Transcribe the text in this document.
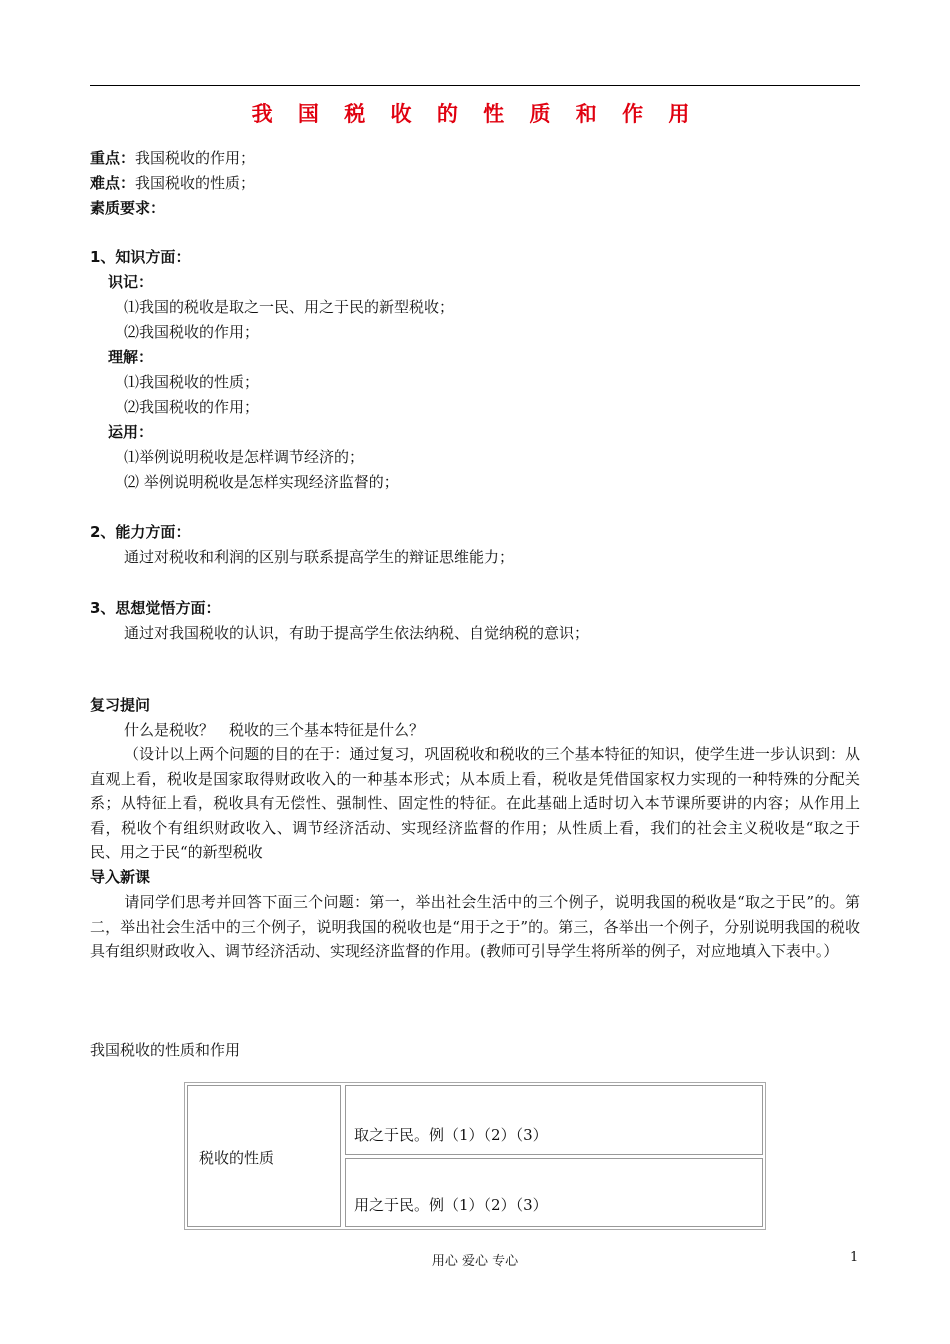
我 国 税 收 的 性 质 和 作 用
重点：我国税收的作用；
难点：我国税收的性质；
素质要求：
1、知识方面：
识记：
⑴我国的税收是取之一民、用之于民的新型税收；
⑵我国税收的作用；
理解：
⑴我国税收的性质；
⑵我国税收的作用；
运用：
⑴举例说明税收是怎样调节经济的；
⑵ 举例说明税收是怎样实现经济监督的；
2、能力方面：
通过对税收和利润的区别与联系提高学生的辩证思维能力；
3、思想觉悟方面：
通过对我国税收的认识，有助于提高学生依法纳税、自觉纳税的意识；
复习提问
什么是税收？　税收的三个基本特征是什么？
（设计以上两个问题的目的在于：通过复习，巩固税收和税收的三个基本特征的知识，使学生进一步认识到：从直观上看，税收是国家取得财政收入的一种基本形式；从本质上看，税收是凭借国家权力实现的一种特殊的分配关系；从特征上看，税收具有无偿性、强制性、固定性的特征。在此基础上适时切入本节课所要讲的内容；从作用上看，税收个有组织财政收入、调节经济活动、实现经济监督的作用；从性质上看，我们的社会主义税收是“取之于民、用之于民“的新型税收
导入新课
请同学们思考并回答下面三个问题：第一，举出社会生活中的三个例子，说明我国的税收是“取之于民”的。第二，举出社会生活中的三个例子，说明我国的税收也是“用于之于”的。第三，各举出一个例子，分别说明我国的税收具有组织财政收入、调节经济活动、实现经济监督的作用。(教师可引导学生将所举的例子，对应地填入下表中。）
我国税收的性质和作用
税收的性质
取之于民。例（1）（2）（3）
用之于民。例（1）（2）（3）
用心 爱心 专心	1
